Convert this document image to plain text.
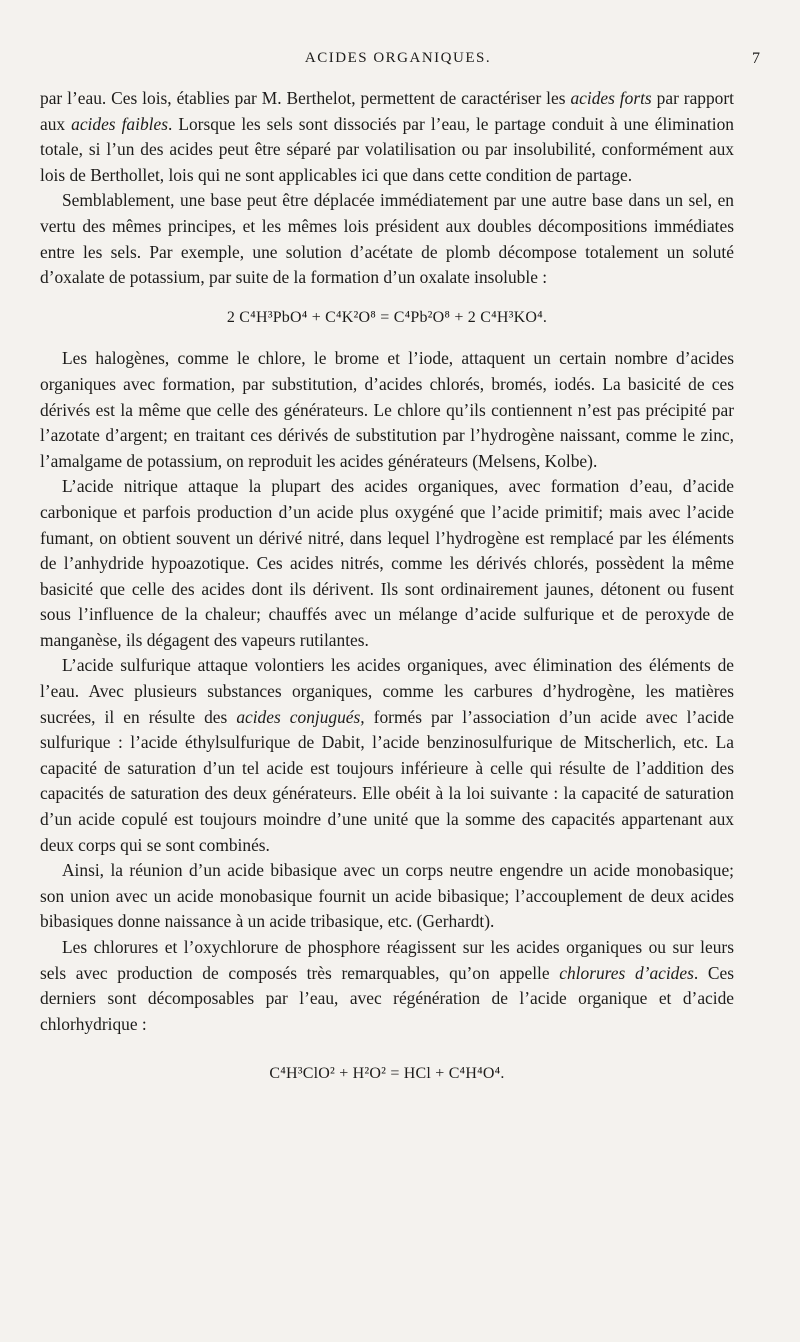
ACIDES ORGANIQUES.	7

par l’eau. Ces lois, établies par M. Berthelot, permettent de caractériser les acides forts par rapport aux acides faibles. Lorsque les sels sont dissociés par l’eau, le partage conduit à une élimination totale, si l’un des acides peut être séparé par volatilisation ou par insolubilité, conformément aux lois de Berthollet, lois qui ne sont applicables ici que dans cette condition de partage.

Semblablement, une base peut être déplacée immédiatement par une autre base dans un sel, en vertu des mêmes principes, et les mêmes lois président aux doubles décompositions immédiates entre les sels. Par exemple, une solution d’acétate de plomb décompose totalement un soluté d’oxalate de potassium, par suite de la formation d’un oxalate insoluble :

2 C⁴H³PbO⁴ + C⁴K²O⁸ = C⁴Pb²O⁸ + 2 C⁴H³KO⁴.

Les halogènes, comme le chlore, le brome et l’iode, attaquent un certain nombre d’acides organiques avec formation, par substitution, d’acides chlorés, bromés, iodés. La basicité de ces dérivés est la même que celle des générateurs. Le chlore qu’ils contiennent n’est pas précipité par l’azotate d’argent; en traitant ces dérivés de substitution par l’hydrogène naissant, comme le zinc, l’amalgame de potassium, on reproduit les acides générateurs (Melsens, Kolbe).

L’acide nitrique attaque la plupart des acides organiques, avec formation d’eau, d’acide carbonique et parfois production d’un acide plus oxygéné que l’acide primitif; mais avec l’acide fumant, on obtient souvent un dérivé nitré, dans lequel l’hydrogène est remplacé par les éléments de l’anhydride hypoazotique. Ces acides nitrés, comme les dérivés chlorés, possèdent la même basicité que celle des acides dont ils dérivent. Ils sont ordinairement jaunes, détonent ou fusent sous l’influence de la chaleur; chauffés avec un mélange d’acide sulfurique et de peroxyde de manganèse, ils dégagent des vapeurs rutilantes.

L’acide sulfurique attaque volontiers les acides organiques, avec élimination des éléments de l’eau. Avec plusieurs substances organiques, comme les carbures d’hydrogène, les matières sucrées, il en résulte des acides conjugués, formés par l’association d’un acide avec l’acide sulfurique : l’acide éthylsulfurique de Dabit, l’acide benzinosulfurique de Mitscherlich, etc. La capacité de saturation d’un tel acide est toujours inférieure à celle qui résulte de l’addition des capacités de saturation des deux générateurs. Elle obéit à la loi suivante : la capacité de saturation d’un acide copulé est toujours moindre d’une unité que la somme des capacités appartenant aux deux corps qui se sont combinés.

Ainsi, la réunion d’un acide bibasique avec un corps neutre engendre un acide monobasique; son union avec un acide monobasique fournit un acide bibasique; l’accouplement de deux acides bibasiques donne naissance à un acide tribasique, etc. (Gerhardt).

Les chlorures et l’oxychlorure de phosphore réagissent sur les acides organiques ou sur leurs sels avec production de composés très remarquables, qu’on appelle chlorures d’acides. Ces derniers sont décomposables par l’eau, avec régénération de l’acide organique et d’acide chlorhydrique :

C⁴H³ClO² + H²O² = HCl + C⁴H⁴O⁴.
